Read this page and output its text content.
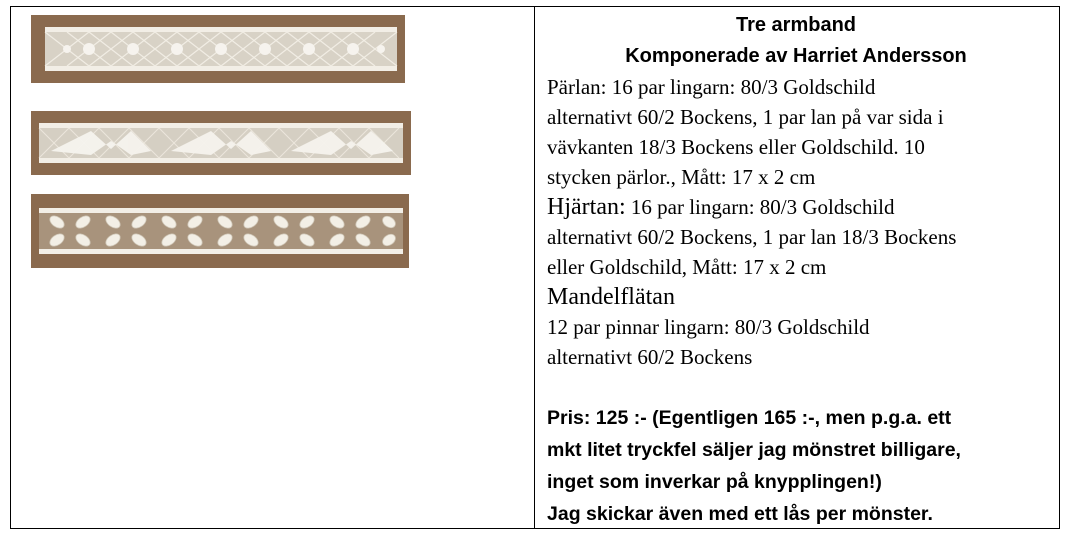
Tre armband

Komponerade av Harriet Andersson

Pärlan: 16 par lingarn: 80/3 Goldschild
alternativt 60/2 Bockens, 1 par lan på var sida i
vävkanten 18/3 Bockens eller Goldschild. 10
stycken pärlor., Mått: 17 x 2 cm

Hjärtan: 16 par lingarn: 80/3 Goldschild
alternativt 60/2 Bockens, 1 par lan 18/3 Bockens
eller Goldschild, Mått: 17 x 2 cm

Mandelflätan
12 par pinnar lingarn: 80/3 Goldschild
alternativt 60/2 Bockens

Pris: 125 :- (Egentligen 165 :-, men p.g.a. ett
mkt litet tryckfel säljer jag mönstret billigare,
inget som inverkar på knypplingen!)
Jag skickar även med ett lås per mönster.
